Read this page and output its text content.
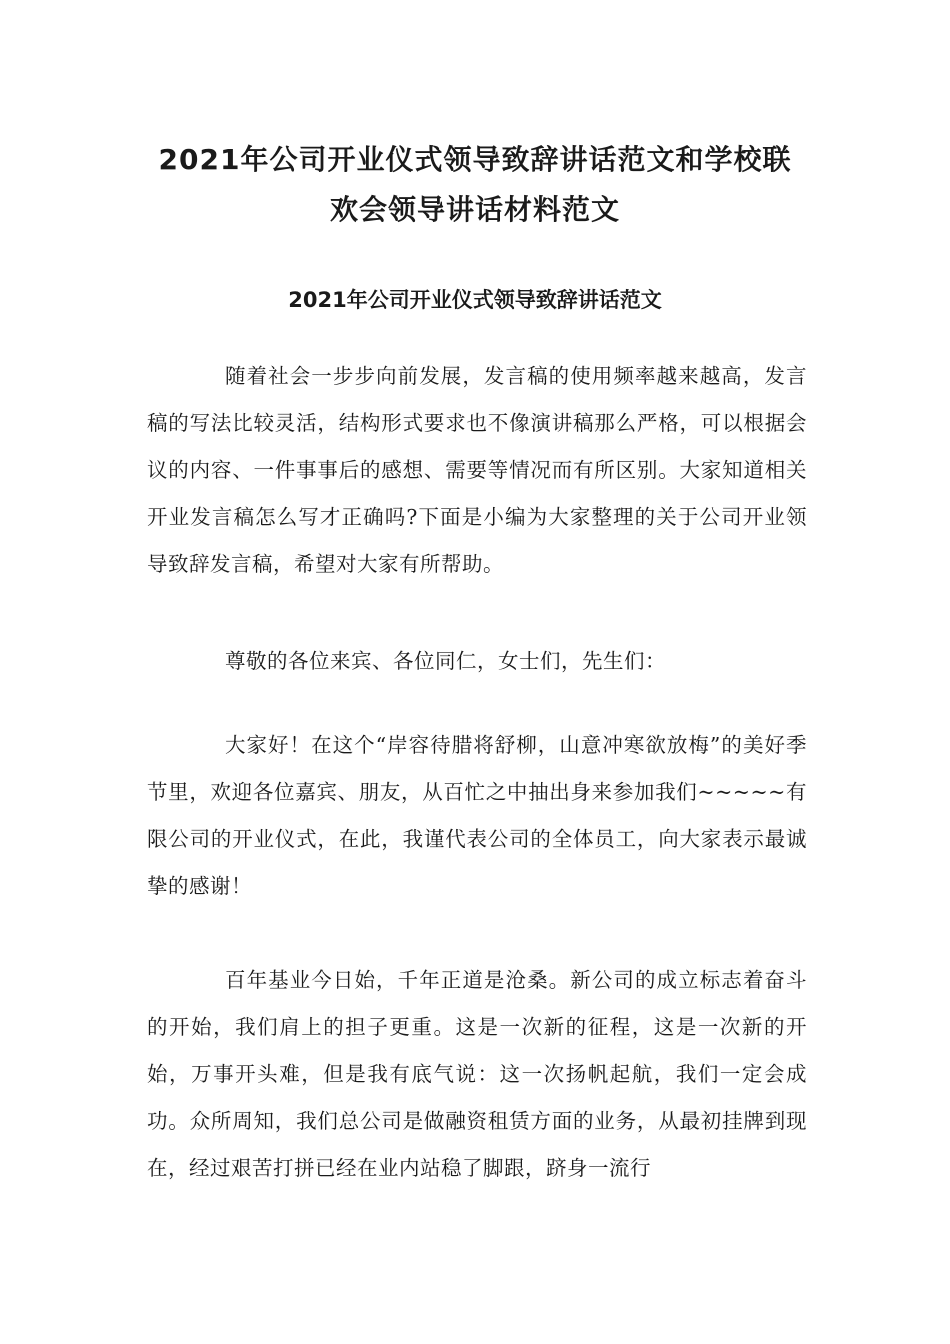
2021年公司开业仪式领导致辞讲话范文和学校联欢会领导讲话材料范文
2021年公司开业仪式领导致辞讲话范文

随着社会一步步向前发展，发言稿的使用频率越来越高，发言稿的写法比较灵活，结构形式要求也不像演讲稿那么严格，可以根据会议的内容、一件事事后的感想、需要等情况而有所区别。大家知道相关开业发言稿怎么写才正确吗?下面是小编为大家整理的关于公司开业领导致辞发言稿，希望对大家有所帮助。

尊敬的各位来宾、各位同仁，女士们，先生们：

大家好！在这个“岸容待腊将舒柳，山意冲寒欲放梅”的美好季节里，欢迎各位嘉宾、朋友，从百忙之中抽出身来参加我们~~~~~有限公司的开业仪式，在此，我谨代表公司的全体员工，向大家表示最诚挚的感谢！

百年基业今日始，千年正道是沧桑。新公司的成立标志着奋斗的开始，我们肩上的担子更重。这是一次新的征程，这是一次新的开始，万事开头难，但是我有底气说：这一次扬帆起航，我们一定会成功。众所周知，我们总公司是做融资租赁方面的业务，从最初挂牌到现在，经过艰苦打拼已经在业内站稳了脚跟，跻身一流行
